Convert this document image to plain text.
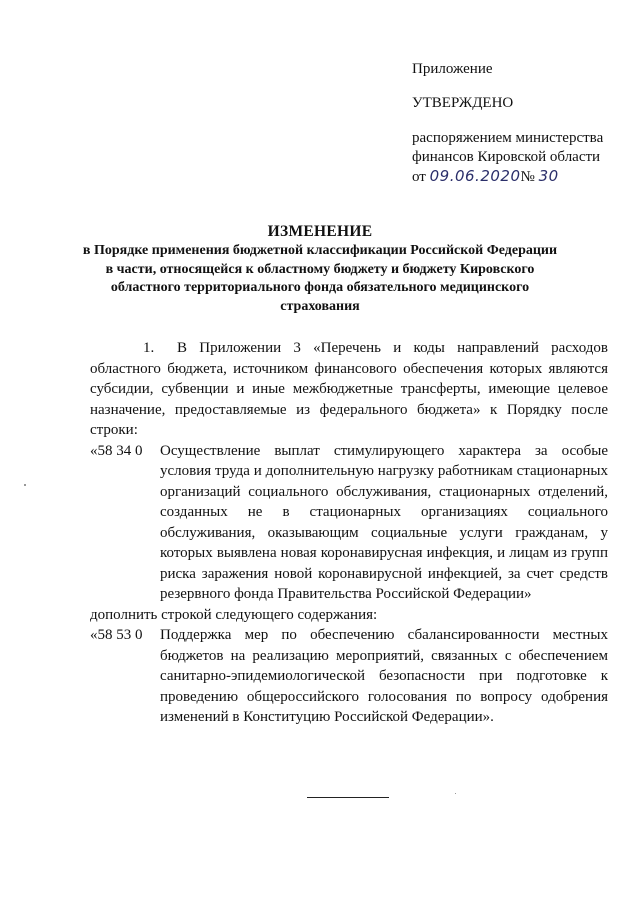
Приложение
УТВЕРЖДЕНО
распоряжением министерства
финансов Кировской области
от 09.06.2020№ 30
ИЗМЕНЕНИЕ
в Порядке применения бюджетной классификации Российской Федерации в части, относящейся к областному бюджету и бюджету Кировского областного территориального фонда обязательного медицинского страхования
1. В Приложении 3 «Перечень и коды направлений расходов областного бюджета, источником финансового обеспечения которых являются субсидии, субвенции и иные межбюджетные трансферты, имеющие целевое назначение, предоставляемые из федерального бюджета» к Порядку после строки:
«58 34 0	Осуществление выплат стимулирующего характера за особые условия труда и дополнительную нагрузку работникам стационарных организаций социального обслуживания, стационарных отделений, созданных не в стационарных организациях социального обслуживания, оказывающим социальные услуги гражданам, у которых выявлена новая коронавирусная инфекция, и лицам из групп риска заражения новой коронавирусной инфекцией, за счет средств резервного фонда Правительства Российской Федерации»
дополнить строкой следующего содержания:
«58 53 0	Поддержка мер по обеспечению сбалансированности местных бюджетов на реализацию мероприятий, связанных с обеспечением санитарно-эпидемиологической безопасности при подготовке к проведению общероссийского голосования по вопросу одобрения изменений в Конституцию Российской Федерации».
